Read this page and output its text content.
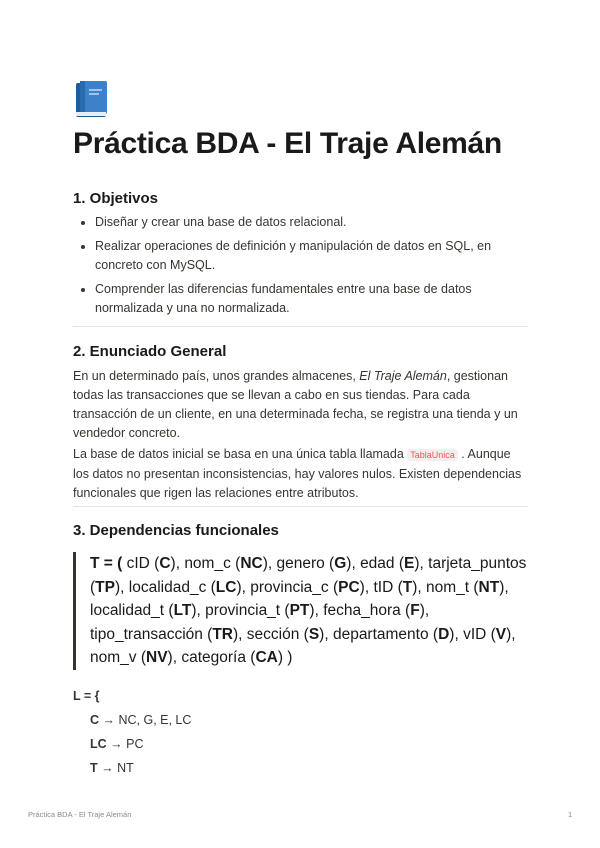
Práctica BDA - El Traje Alemán
1. Objetivos
Diseñar y crear una base de datos relacional.
Realizar operaciones de definición y manipulación de datos en SQL, en concreto con MySQL.
Comprender las diferencias fundamentales entre una base de datos normalizada y una no normalizada.
2. Enunciado General

En un determinado país, unos grandes almacenes, El Traje Alemán, gestionan todas las transacciones que se llevan a cabo en sus tiendas. Para cada transacción de un cliente, en una determinada fecha, se registra una tienda y un vendedor concreto.

La base de datos inicial se basa en una única tabla llamada TablaUnica . Aunque los datos no presentan inconsistencias, hay valores nulos. Existen dependencias funcionales que rigen las relaciones entre atributos.

3. Dependencias funcionales
T = ( cID (C), nom_c (NC), genero (G), edad (E), tarjeta_puntos (TP), localidad_c (LC), provincia_c (PC), tID (T), nom_t (NT), localidad_t (LT), provincia_t (PT), fecha_hora (F), tipo_transacción (TR), sección (S), departamento (D), vID (V), nom_v (NV), categoría (CA) )
L = {
C → NC, G, E, LC
LC → PC
T → NT
Práctica BDA - El Traje Alemán	1
